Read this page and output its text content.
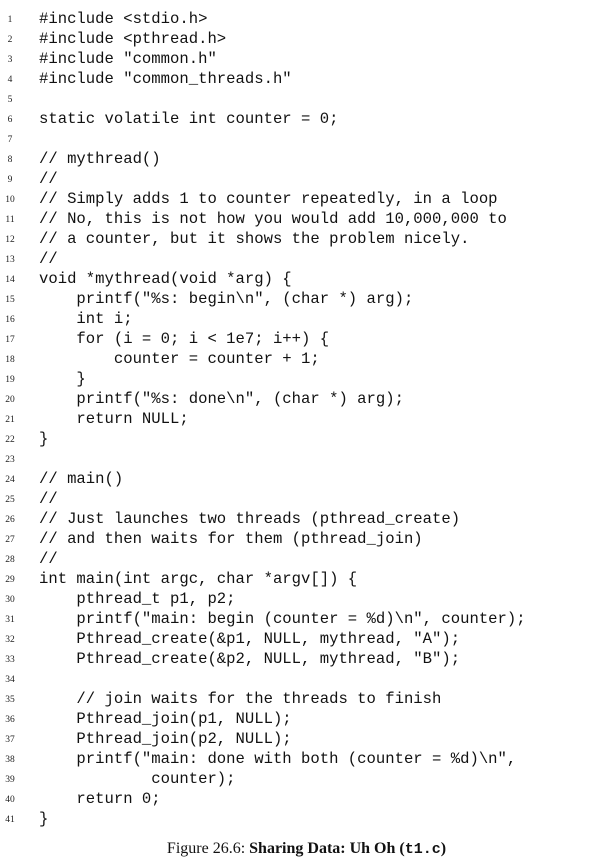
1 #include <stdio.h>
2 #include <pthread.h>
3 #include "common.h"
4 #include "common_threads.h"
5
6 static volatile int counter = 0;
7
8 // mythread()
9 //
10 // Simply adds 1 to counter repeatedly, in a loop
11 // No, this is not how you would add 10,000,000 to
12 // a counter, but it shows the problem nicely.
13 //
14 void *mythread(void *arg) {
15 printf("%s: begin\n", (char *) arg);
16 int i;
17 for (i = 0; i < 1e7; i++) {
18 counter = counter + 1;
19 }
20 printf("%s: done\n", (char *) arg);
21 return NULL;
22 }
23
24 // main()
25 //
26 // Just launches two threads (pthread_create)
27 // and then waits for them (pthread_join)
28 //
29 int main(int argc, char *argv[]) {
30 pthread_t p1, p2;
31 printf("main: begin (counter = %d)\n", counter);
32 Pthread_create(&p1, NULL, mythread, "A");
33 Pthread_create(&p2, NULL, mythread, "B");
34
35 // join waits for the threads to finish
36 Pthread_join(p1, NULL);
37 Pthread_join(p2, NULL);
38 printf("main: done with both (counter = %d)\n",
39 counter);
40 return 0;
41 }
Figure 26.6: Sharing Data: Uh Oh (t1.c)
